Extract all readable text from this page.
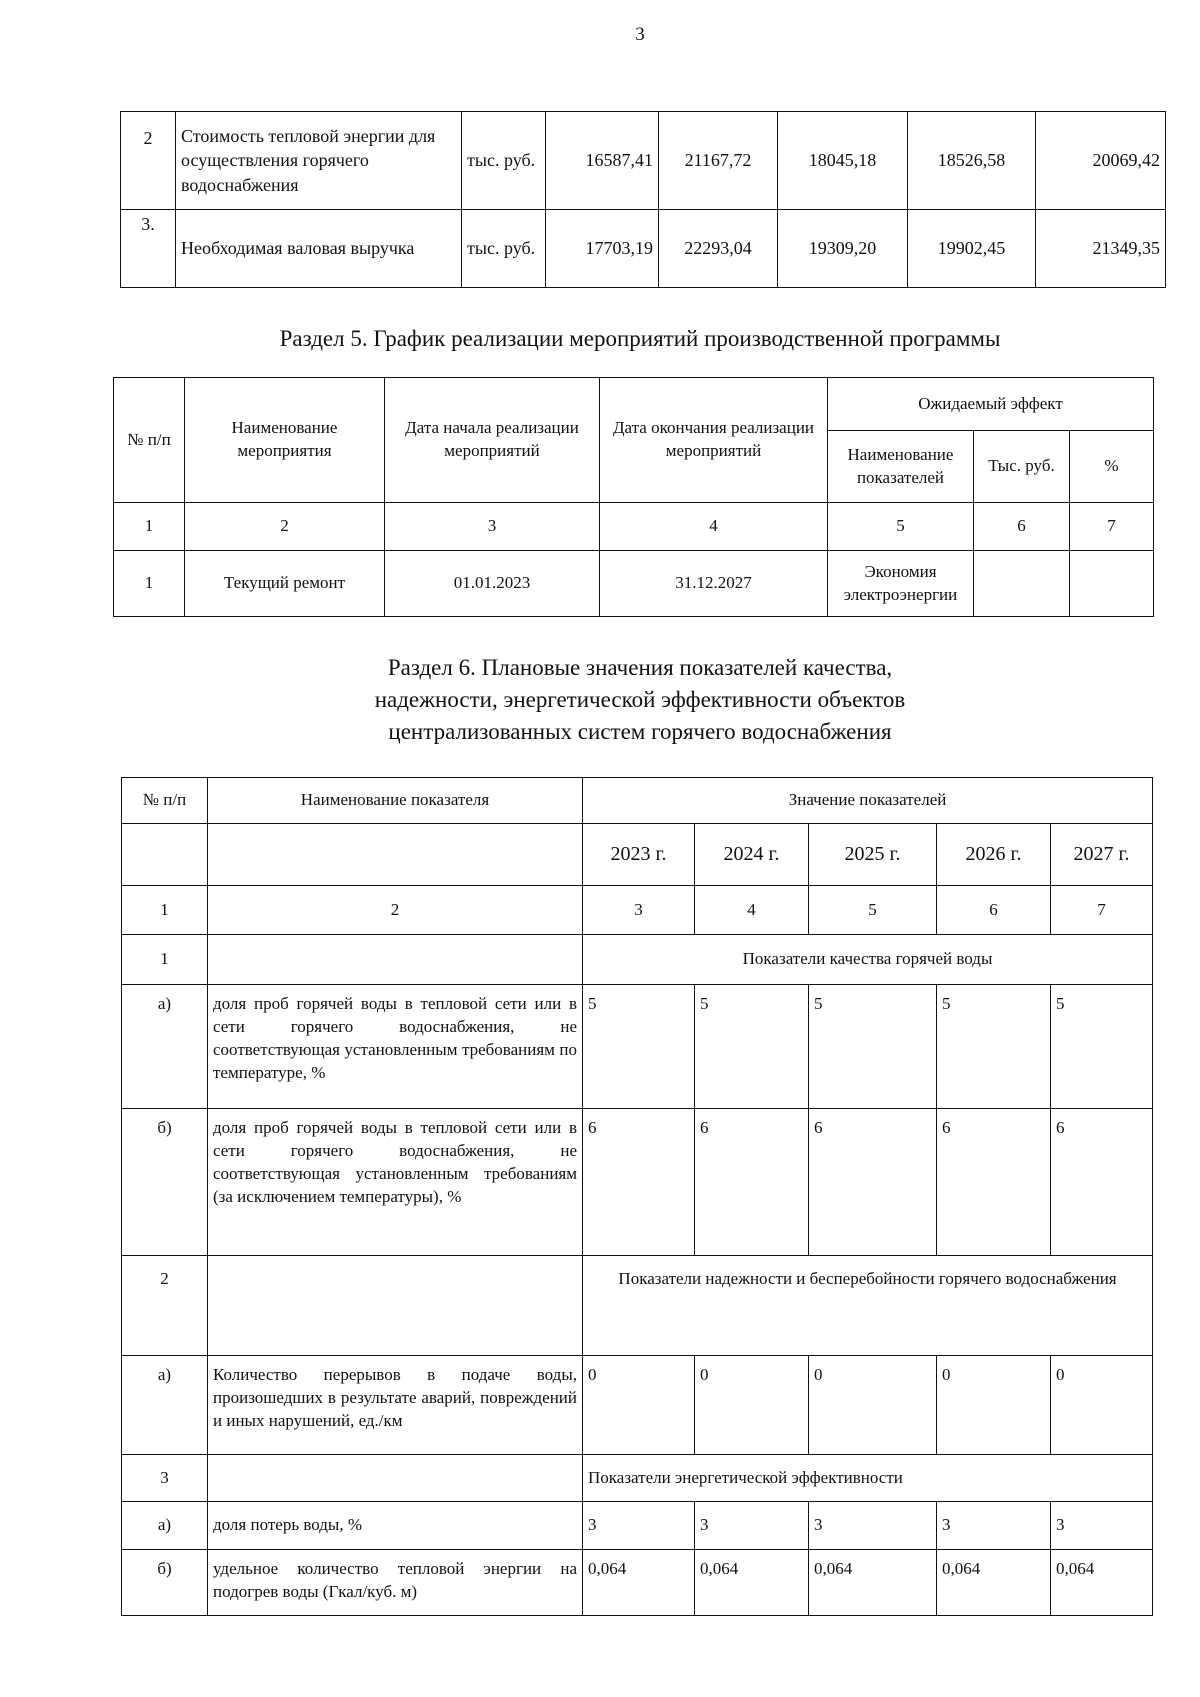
3
2	Стоимость тепловой энергии для осуществления горячего водоснабжения	тыс. руб.	16587,41	21167,72	18045,18	18526,58	20069,42
3.	Необходимая валовая выручка	тыс. руб.	17703,19	22293,04	19309,20	19902,45	21349,35
Раздел 5. График реализации мероприятий производственной программы
№ п/п	Наименование мероприятия	Дата начала реализации мероприятий	Дата окончания реализации мероприятий	Ожидаемый эффект		
				Наименование показателей	Тыс. руб.	%
1	2	3	4	5	6	7
1	Текущий ремонт	01.01.2023	31.12.2027	Экономия электроэнергии		
Раздел 6. Плановые значения показателей качества,
надежности, энергетической эффективности объектов
централизованных систем горячего водоснабжения
№ п/п	Наименование показателя	Значение показателей				
		2023 г.	2024 г.	2025 г.	2026 г.	2027 г.
1	2	3	4	5	6	7
1		Показатели качества горячей воды				
а)	доля проб горячей воды в тепловой сети или в сети горячего водоснабжения, не соответствующая установленным требованиям по температуре, %	5	5	5	5	5
б)	доля проб горячей воды в тепловой сети или в сети горячего водоснабжения, не соответствующая установленным требованиям (за исключением температуры), %	6	6	6	6	6
2		Показатели надежности и бесперебойности горячего водоснабжения				
а)	Количество перерывов в подаче воды, произошедших в результате аварий, повреждений и иных нарушений, ед./км	0	0	0	0	0
3		Показатели энергетической эффективности				
а)	доля потерь воды, %	3	3	3	3	3
б)	удельное количество тепловой энергии на подогрев воды (Гкал/куб. м)	0,064	0,064	0,064	0,064	0,064
